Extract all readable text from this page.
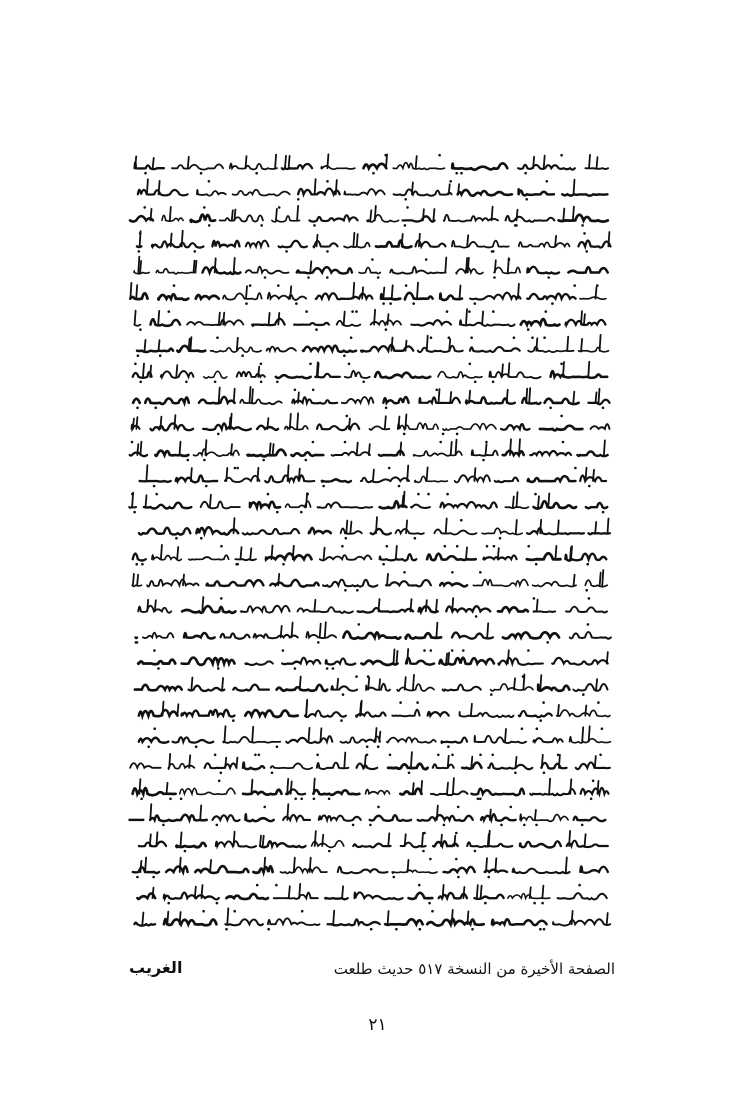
الصفحة الأخيرة من النسخة ٥١٧ حديث طلعت
الغريب
٢١
